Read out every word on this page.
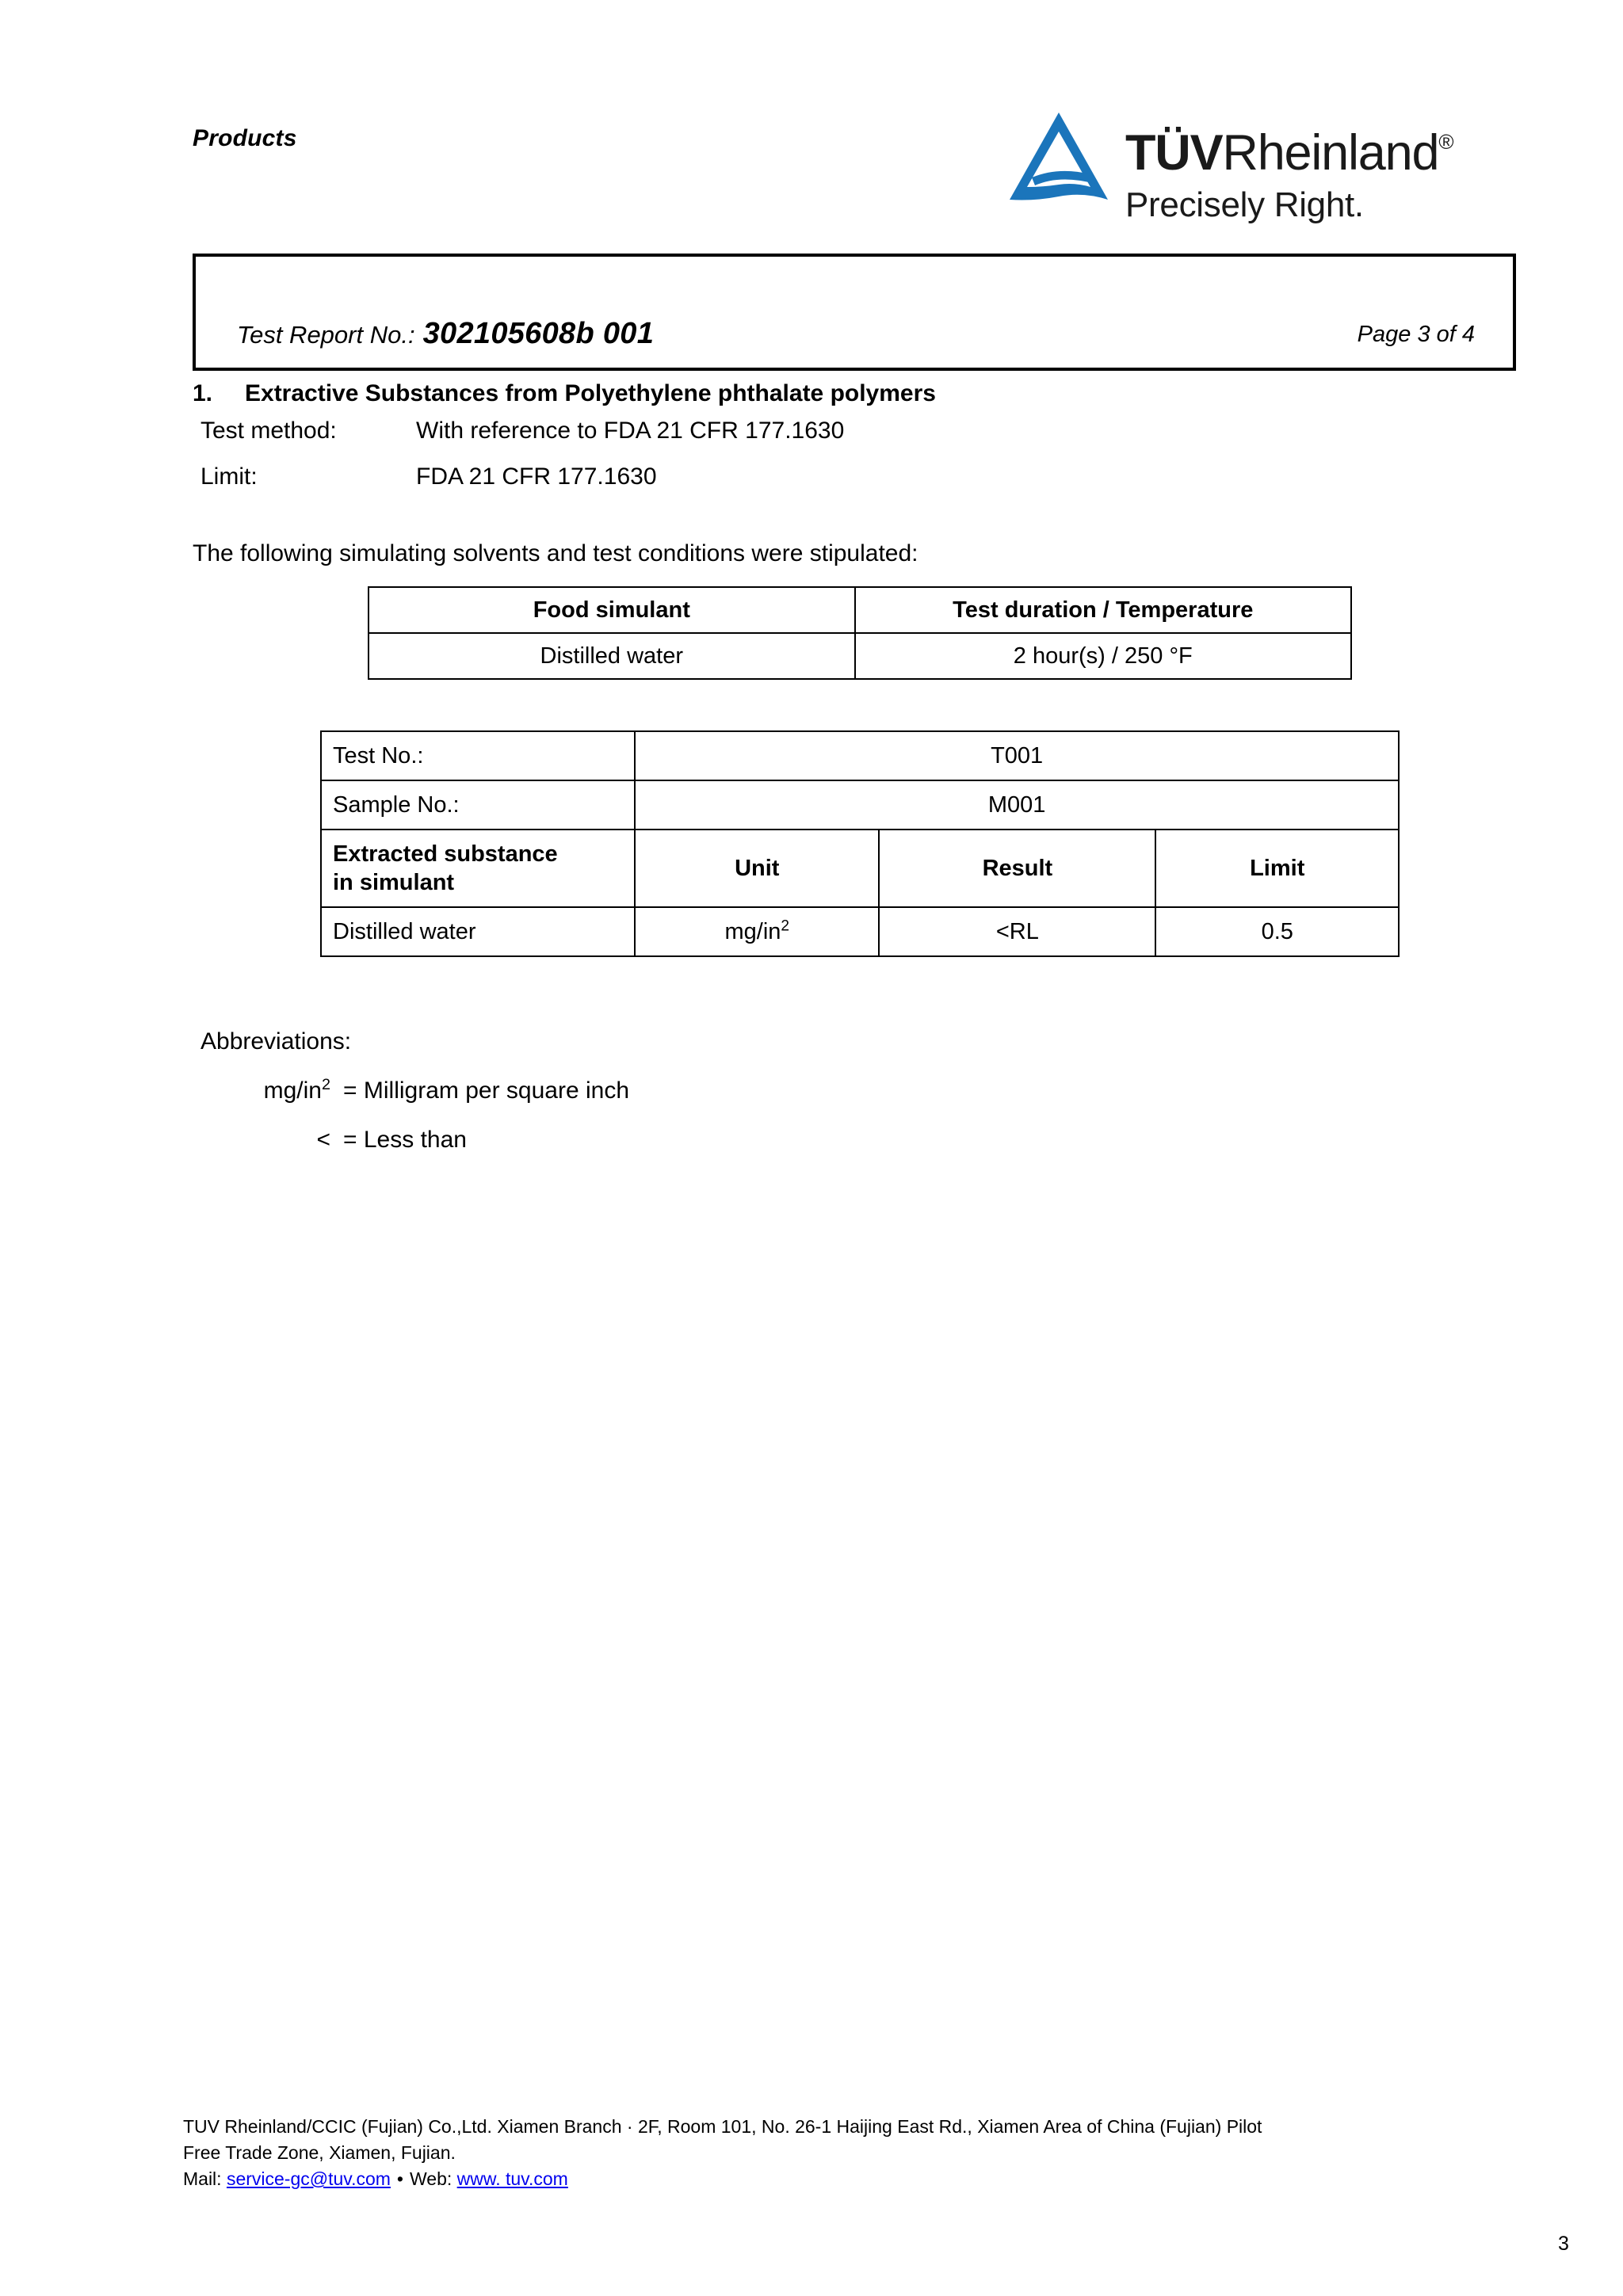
Products	TÜVRheinland®
Precisely Right.
Test Report No.: 302105608b 001	Page 3 of 4
1. Extractive Substances from Polyethylene phthalate polymers
Test method:	With reference to FDA 21 CFR 177.1630
Limit:	FDA 21 CFR 177.1630
The following simulating solvents and test conditions were stipulated:
Food simulant	Test duration / Temperature
Distilled water	2 hour(s) / 250 °F
Test No.:	T001		
Sample No.:	M001		
Extracted substance
in simulant	Unit	Result	Limit
Distilled water	$mg/in^2$	<RL	0.5
Abbreviations:
$mg/in^2$ = Milligram per square inch
< = Less than
TUV Rheinland/CCIC (Fujian) Co.,Ltd. Xiamen Branch · 2F, Room 101, No. 26-1 Haijing East Rd., Xiamen Area of China (Fujian) Pilot
Free Trade Zone, Xiamen, Fujian.
Mail: service-gc@tuv.com • Web: www. tuv.com
3
